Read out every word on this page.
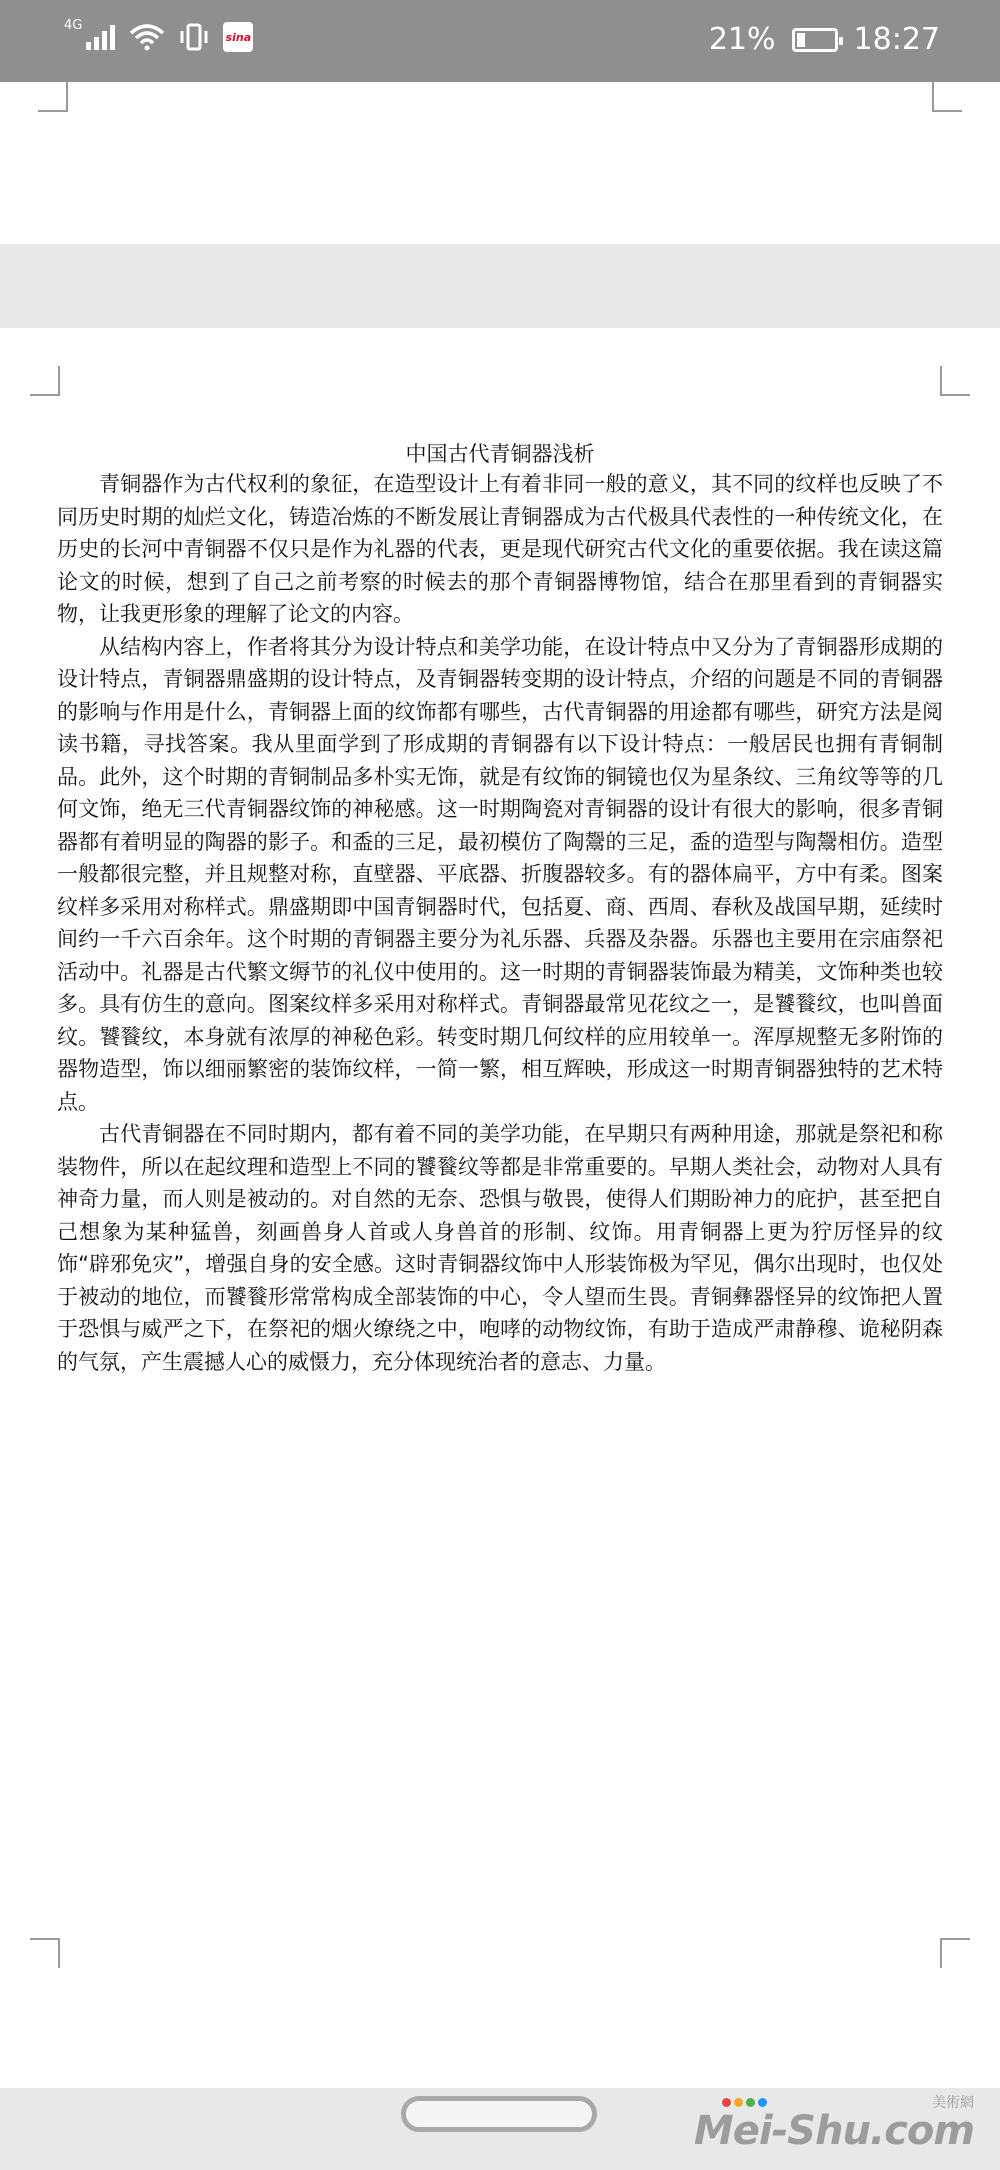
4G
sina	21%	18:27
中国古代青铜器浅析

青铜器作为古代权利的象征，在造型设计上有着非同一般的意义，其不同的纹样也反映了不同历史时期的灿烂文化，铸造冶炼的不断发展让青铜器成为古代极具代表性的一种传统文化，在历史的长河中青铜器不仅只是作为礼器的代表，更是现代研究古代文化的重要依据。我在读这篇论文的时候，想到了自己之前考察的时候去的那个青铜器博物馆，结合在那里看到的青铜器实物，让我更形象的理解了论文的内容。

从结构内容上，作者将其分为设计特点和美学功能，在设计特点中又分为了青铜器形成期的设计特点，青铜器鼎盛期的设计特点，及青铜器转变期的设计特点，介绍的问题是不同的青铜器的影响与作用是什么，青铜器上面的纹饰都有哪些，古代青铜器的用途都有哪些，研究方法是阅读书籍，寻找答案。我从里面学到了形成期的青铜器有以下设计特点：一般居民也拥有青铜制品。此外，这个时期的青铜制品多朴实无饰，就是有纹饰的铜镜也仅为星条纹、三角纹等等的几何文饰，绝无三代青铜器纹饰的神秘感。这一时期陶瓷对青铜器的设计有很大的影响，很多青铜器都有着明显的陶器的影子。和盉的三足，最初模仿了陶鬶的三足，盉的造型与陶鬶相仿。造型一般都很完整，并且规整对称，直壁器、平底器、折腹器较多。有的器体扁平，方中有柔。图案纹样多采用对称样式。鼎盛期即中国青铜器时代，包括夏、商、西周、春秋及战国早期，延续时间约一千六百余年。这个时期的青铜器主要分为礼乐器、兵器及杂器。乐器也主要用在宗庙祭祀活动中。礼器是古代繁文缛节的礼仪中使用的。这一时期的青铜器装饰最为精美，文饰种类也较多。具有仿生的意向。图案纹样多采用对称样式。青铜器最常见花纹之一，是饕餮纹，也叫兽面纹。饕餮纹，本身就有浓厚的神秘色彩。转变时期几何纹样的应用较单一。浑厚规整无多附饰的器物造型，饰以细丽繁密的装饰纹样，一简一繁，相互辉映，形成这一时期青铜器独特的艺术特点。

古代青铜器在不同时期内，都有着不同的美学功能，在早期只有两种用途，那就是祭祀和称装物件，所以在起纹理和造型上不同的饕餮纹等都是非常重要的。早期人类社会，动物对人具有神奇力量，而人则是被动的。对自然的无奈、恐惧与敬畏，使得人们期盼神力的庇护，甚至把自己想象为某种猛兽，刻画兽身人首或人身兽首的形制、纹饰。用青铜器上更为狞厉怪异的纹饰“辟邪免灾”，增强自身的安全感。这时青铜器纹饰中人形装饰极为罕见，偶尔出现时，也仅处于被动的地位，而饕餮形常常构成全部装饰的中心，令人望而生畏。青铜彝器怪异的纹饰把人置于恐惧与威严之下，在祭祀的烟火缭绕之中，咆哮的动物纹饰，有助于造成严肃静穆、诡秘阴森的气氛，产生震撼人心的威慑力，充分体现统治者的意志、力量。

美術網
Mei-Shu.com
